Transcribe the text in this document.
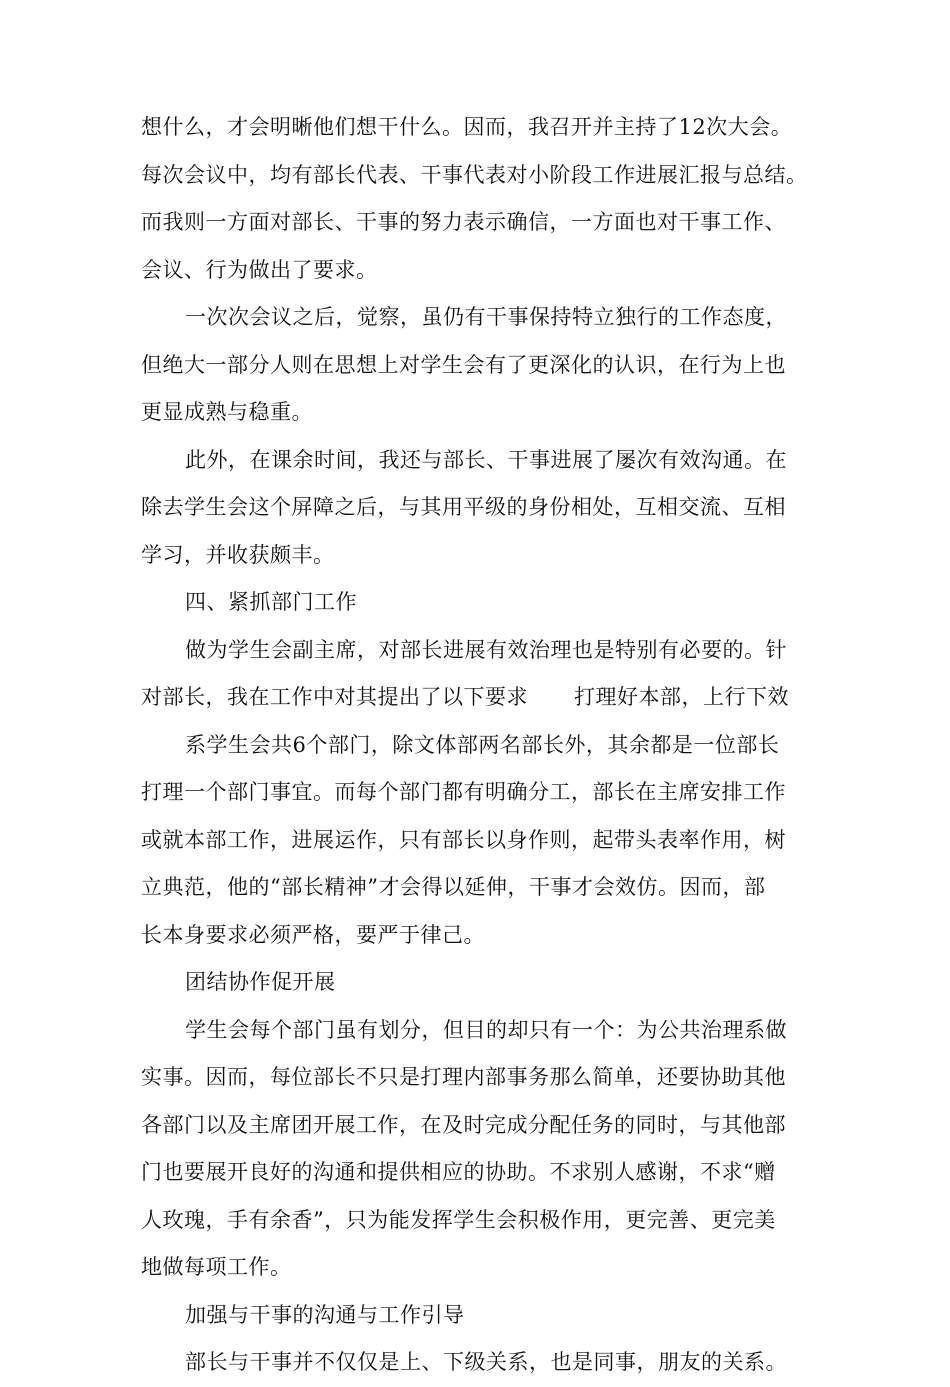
想什么，才会明晰他们想干什么。因而，我召开并主持了12次大会。
每次会议中，均有部长代表、干事代表对小阶段工作进展汇报与总结。
而我则一方面对部长、干事的努力表示确信，一方面也对干事工作、
会议、行为做出了要求。
一次次会议之后，觉察，虽仍有干事保持特立独行的工作态度，
但绝大一部分人则在思想上对学生会有了更深化的认识，在行为上也
更显成熟与稳重。
此外，在课余时间，我还与部长、干事进展了屡次有效沟通。在
除去学生会这个屏障之后，与其用平级的身份相处，互相交流、互相
学习，并收获颇丰。
四、紧抓部门工作
做为学生会副主席，对部长进展有效治理也是特别有必要的。针
对部长，我在工作中对其提出了以下要求 打理好本部，上行下效
系学生会共6个部门，除文体部两名部长外，其余都是一位部长
打理一个部门事宜。而每个部门都有明确分工，部长在主席安排工作
或就本部工作，进展运作，只有部长以身作则，起带头表率作用，树
立典范，他的“部长精神”才会得以延伸，干事才会效仿。因而，部
长本身要求必须严格，要严于律己。
团结协作促开展
学生会每个部门虽有划分，但目的却只有一个：为公共治理系做
实事。因而，每位部长不只是打理内部事务那么简单，还要协助其他
各部门以及主席团开展工作，在及时完成分配任务的同时，与其他部
门也要展开良好的沟通和提供相应的协助。不求别人感谢，不求“赠
人玫瑰，手有余香”，只为能发挥学生会积极作用，更完善、更完美
地做每项工作。
加强与干事的沟通与工作引导
部长与干事并不仅仅是上、下级关系，也是同事，朋友的关系。
